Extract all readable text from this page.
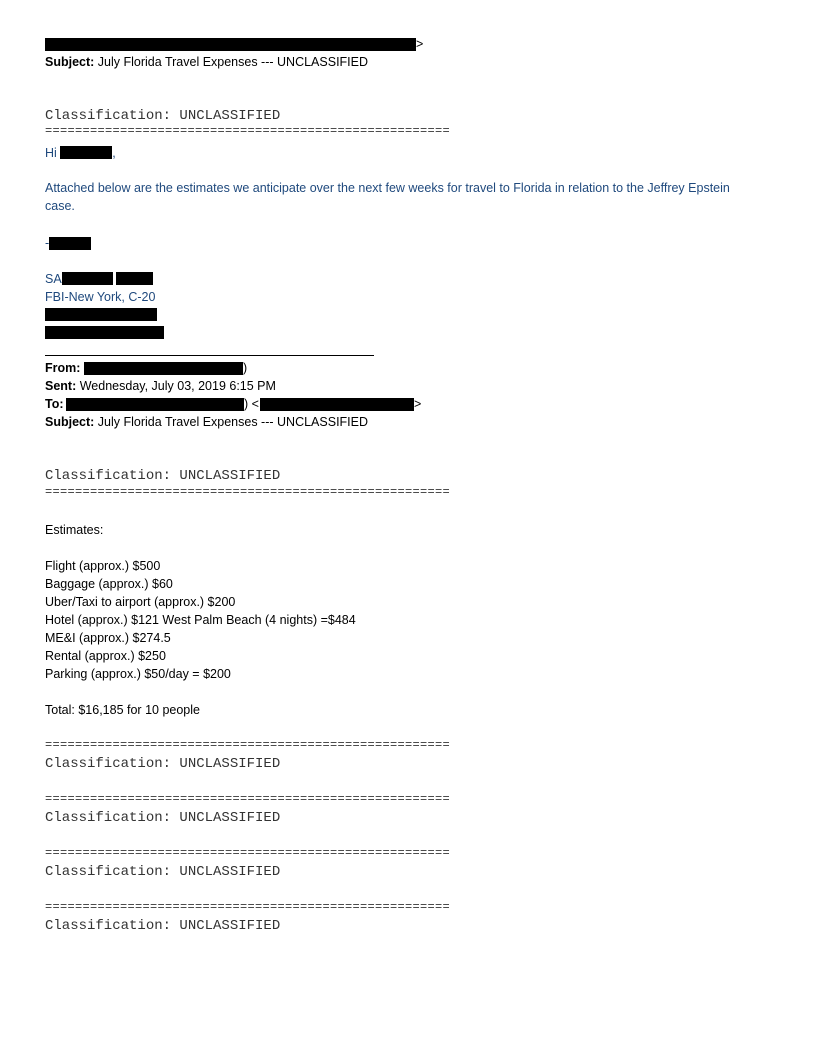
>
Subject: July Florida Travel Expenses --- UNCLASSIFIED
Classification: UNCLASSIFIED
======================================================
Hi	,
Attached below are the estimates we anticipate over the next few weeks for travel to Florida in relation to the Jeffrey Epstein case.
-
SA
FBI-New York, C-20
From:	)
Sent: Wednesday, July 03, 2019 6:15 PM
To:	) <	>
Subject: July Florida Travel Expenses --- UNCLASSIFIED
Classification: UNCLASSIFIED
======================================================
Estimates:
Flight (approx.) $500
Baggage (approx.) $60
Uber/Taxi to airport (approx.) $200
Hotel (approx.) $121 West Palm Beach (4 nights) =$484
ME&I (approx.) $274.5
Rental (approx.) $250
Parking (approx.) $50/day = $200
Total: $16,185 for 10 people
======================================================
Classification: UNCLASSIFIED
======================================================
Classification: UNCLASSIFIED
======================================================
Classification: UNCLASSIFIED
======================================================
Classification: UNCLASSIFIED
